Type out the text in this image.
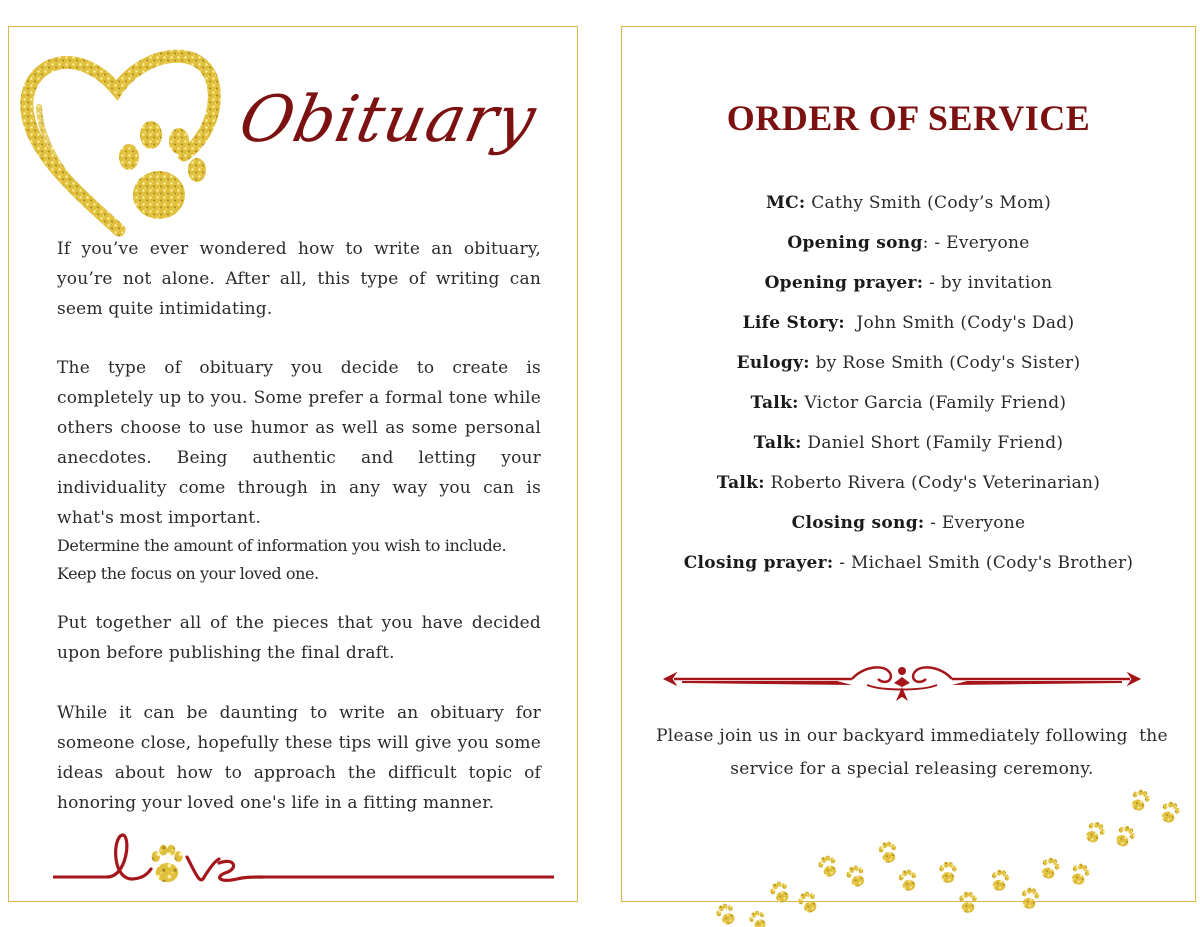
Obituary

If you’ve ever wondered how to write an obituary, you’re not alone. After all, this type of writing can seem quite intimidating.

The type of obituary you decide to create is completely up to you. Some prefer a formal tone while others choose to use humor as well as some personal anecdotes. Being authentic and letting your individuality come through in any way you can is what's most important.

Determine the amount of information you wish to include.

Keep the focus on your loved one.

Put together all of the pieces that you have decided upon before publishing the final draft.

While it can be daunting to write an obituary for someone close, hopefully these tips will give you some ideas about how to approach the difficult topic of honoring your loved one's life in a fitting manner.

ORDER OF SERVICE
MC: Cathy Smith (Cody’s Mom)
Opening song: - Everyone
Opening prayer: - by invitation
Life Story:  John Smith (Cody's Dad)
Eulogy: by Rose Smith (Cody's Sister)
Talk: Victor Garcia (Family Friend)
Talk: Daniel Short (Family Friend)
Talk: Roberto Rivera (Cody's Veterinarian)
Closing song: - Everyone
Closing prayer: - Michael Smith (Cody's Brother)
Please join us in our backyard immediately following  the
service for a special releasing ceremony.
